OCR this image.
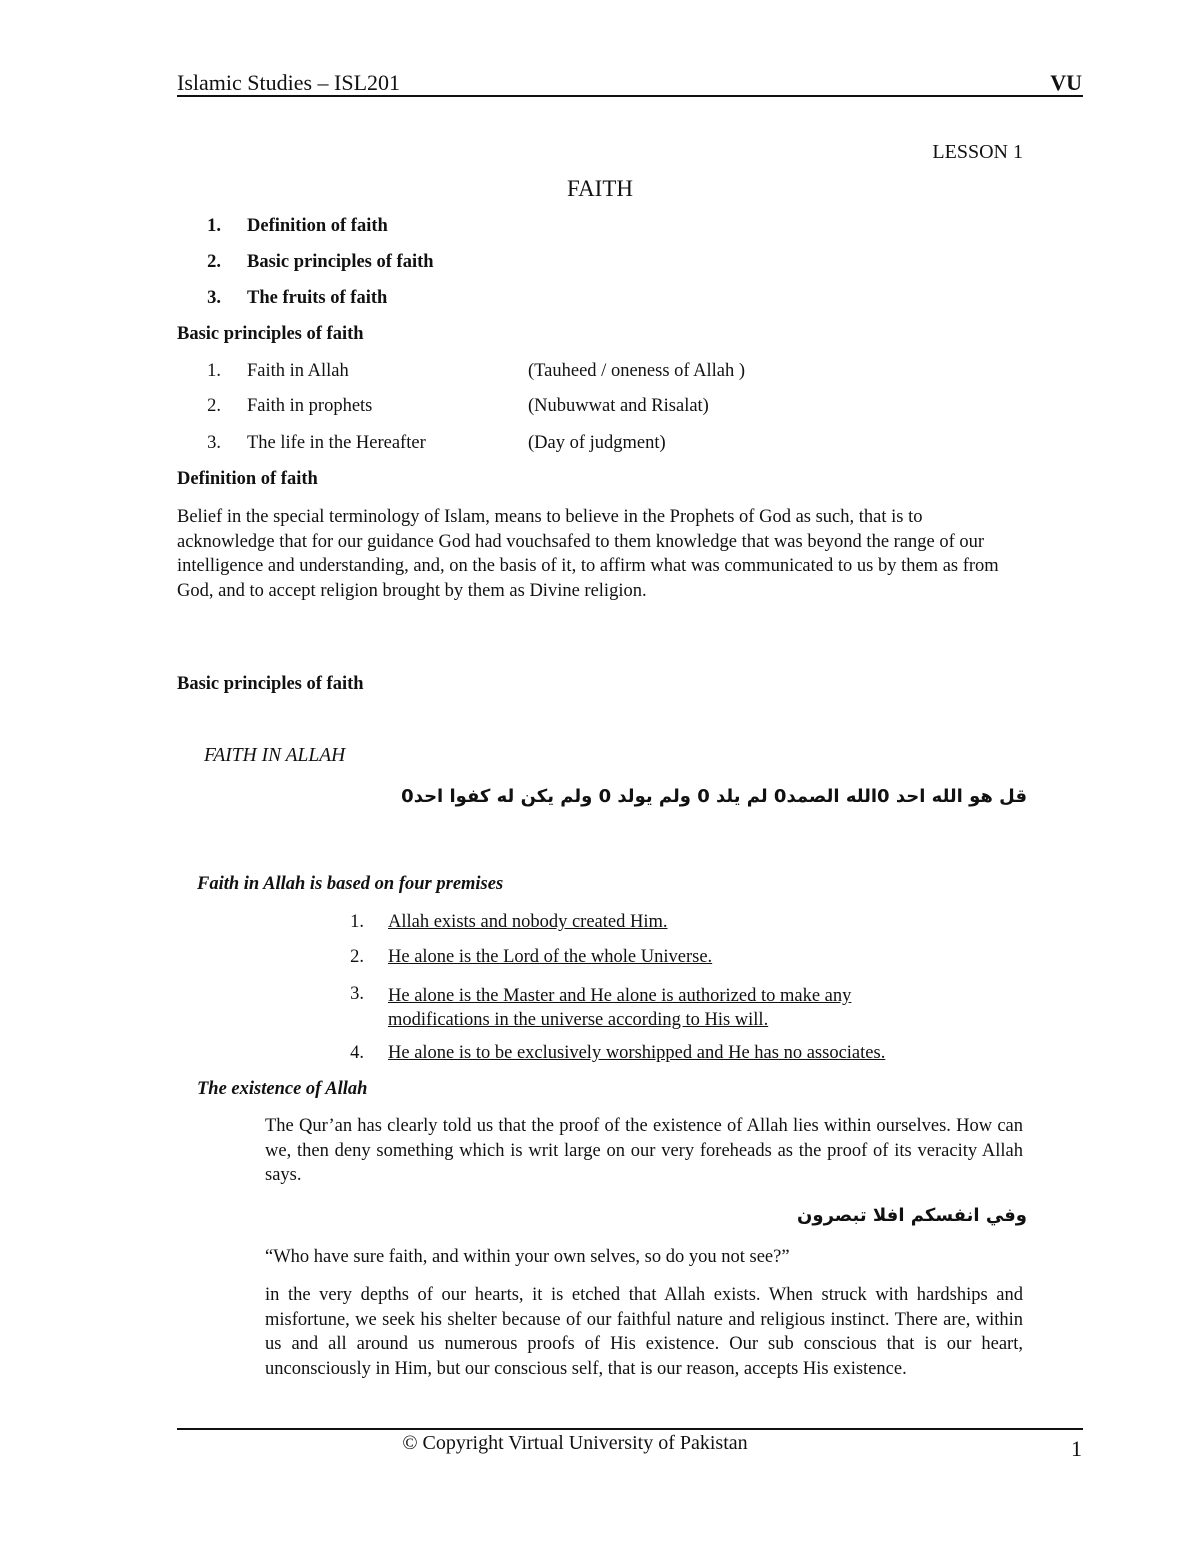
Islamic Studies – ISL201	VU
LESSON 1
FAITH
1. Definition of faith
2. Basic principles of faith
3. The fruits of faith
Basic principles of faith
1. Faith in Allah	(Tauheed / oneness of Allah )
2. Faith in prophets	(Nubuwwat and Risalat)
3. The life in the Hereafter	(Day of judgment)
Definition of faith
Belief in the special terminology of Islam, means to believe in the Prophets of God as such, that is to acknowledge that for our guidance God had vouchsafed to them knowledge that was beyond the range of our intelligence and understanding, and, on the basis of it, to affirm what was communicated to us by them as from God, and to accept religion brought by them as Divine religion.
Basic principles of faith
FAITH IN ALLAH
قل هو الله احد 0الله الصمد0 لم يلد 0 ولم يولد 0 ولم يكن له كفوا احد0
Faith in Allah is based on four premises
1. Allah exists and nobody created Him.
2. He alone is the Lord of the whole Universe.
3. He alone is the Master and He alone is authorized to make any modifications in the universe according to His will.
4. He alone is to be exclusively worshipped and He has no associates.
The existence of Allah
The Qur’an has clearly told us that the proof of the existence of Allah lies within ourselves. How can we, then deny something which is writ large on our very foreheads as the proof of its veracity Allah says.
وفي انفسكم افلا تبصرون
“Who have sure faith, and within your own selves, so do you not see?”
in the very depths of our hearts, it is etched that Allah exists. When struck with hardships and misfortune, we seek his shelter because of our faithful nature and religious instinct. There are, within us and all around us numerous proofs of His existence. Our sub conscious that is our heart, unconsciously in Him, but our conscious self, that is our reason, accepts His existence.
© Copyright Virtual University of Pakistan	1
